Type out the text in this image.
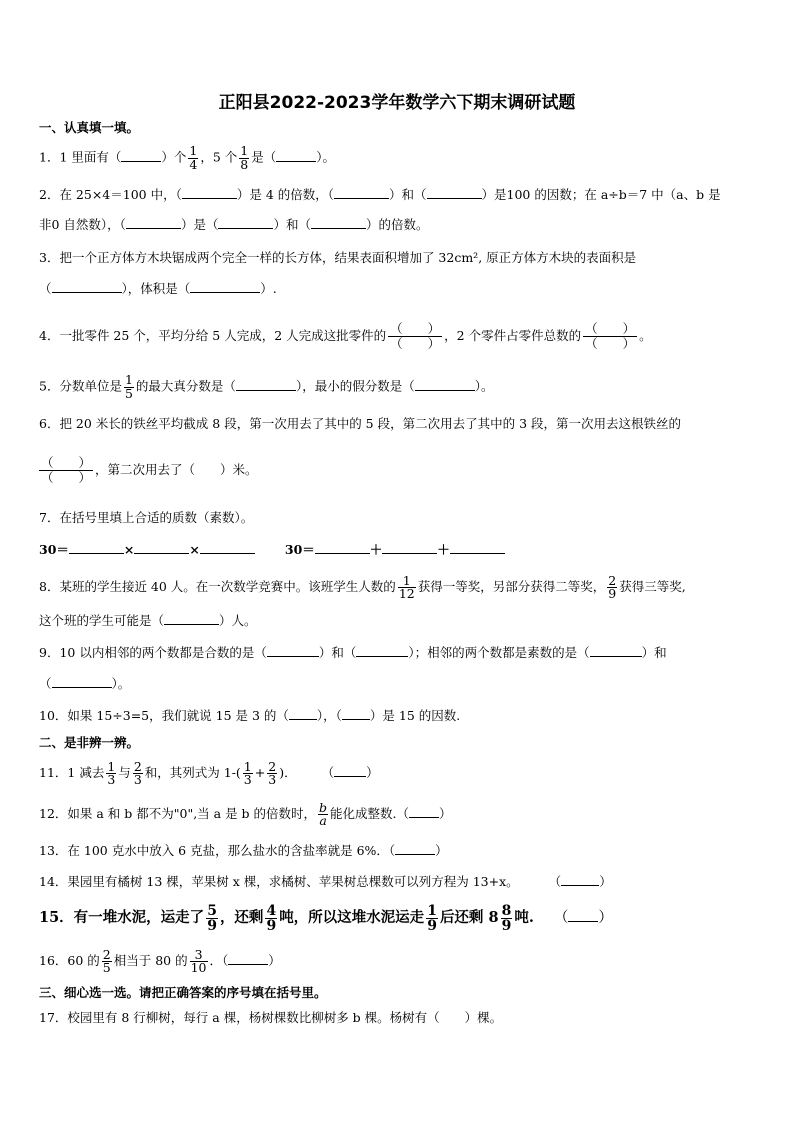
正阳县2022-2023学年数学六下期末调研试题
一、认真填一填。
1．1 里面有（	）个 $\frac{1}{4}$ ，5 个 $\frac{1}{8}$ 是（	）。
2．在 25×4＝100 中，（	）是 4 的倍数，（	）和（	）是100 的因数；在 a÷b＝7 中（a、b 是
非0 自然数），（	）是（	）和（	）的倍数。
3．把一个正方体方木块锯成两个完全一样的长方体，结果表面积增加了 32cm², 原正方体方木块的表面积是
（	），体积是（	）.
4．一批零件 25 个，平均分给 5 人完成，2 人完成这批零件的 （　　）
（　　）
，2 个零件占零件总数的 （　　）
（　　）
。
5．分数单位是 $\frac{1}{5}$ 的最大真分数是（	），最小的假分数是（	）。
6．把 20 米长的铁丝平均截成 8 段，第一次用去了其中的 5 段，第二次用去了其中的 3 段，第一次用去这根铁丝的
（　　）
（　　）
，第二次用去了（　　）米。
7．在括号里填上合适的质数（素数）。
30＝	×	×	30＝	＋	＋
8．某班的学生接近 40 人。在一次数学竞赛中。该班学生人数的 $\frac{1}{12}$ 获得一等奖，另部分获得二等奖， $\frac{2}{9}$ 获得三等奖,
这个班的学生可能是（	）人。
9．10 以内相邻的两个数都是合数的是（	）和（	）；相邻的两个数都是素数的是（	）和
（	）。
10．如果 15÷3=5，我们就说 15 是 3 的（ ），（ ）是 15 的因数.
二、是非辨一辨。
11．1 减去 $\frac{1}{3}$ 与 $\frac{2}{3}$ 和，其列式为 $1-( \frac{1}{3} + \frac{2}{3}$ )． （	）
12．如果 a 和 b 都不为"0",当 a 是 b 的倍数时， $\frac{b}{a}$ 能化成整数.（ ）
13．在 100 克水中放入 6 克盐，那么盐水的含盐率就是 6%．（	）
14．果园里有橘树 13 棵，苹果树 x 棵，求橘树、苹果树总棵数可以列方程为 13+x。 （	）
15．有一堆水泥，运走了 $\frac{5}{9}$ ，还剩 $\frac{4}{9}$ 吨，所以这堆水泥运走 $\frac{1}{9}$ 后还剩 $8 \frac{8}{9}$ 吨. （ ）
16．60 的 $\frac{2}{5}$ 相当于 80 的 $\frac{3}{10}$ ．（	）
三、细心选一选。请把正确答案的序号填在括号里。
17．校园里有 8 行柳树，每行 a 棵，杨树棵数比柳树多 b 棵。杨树有（　　）棵。
